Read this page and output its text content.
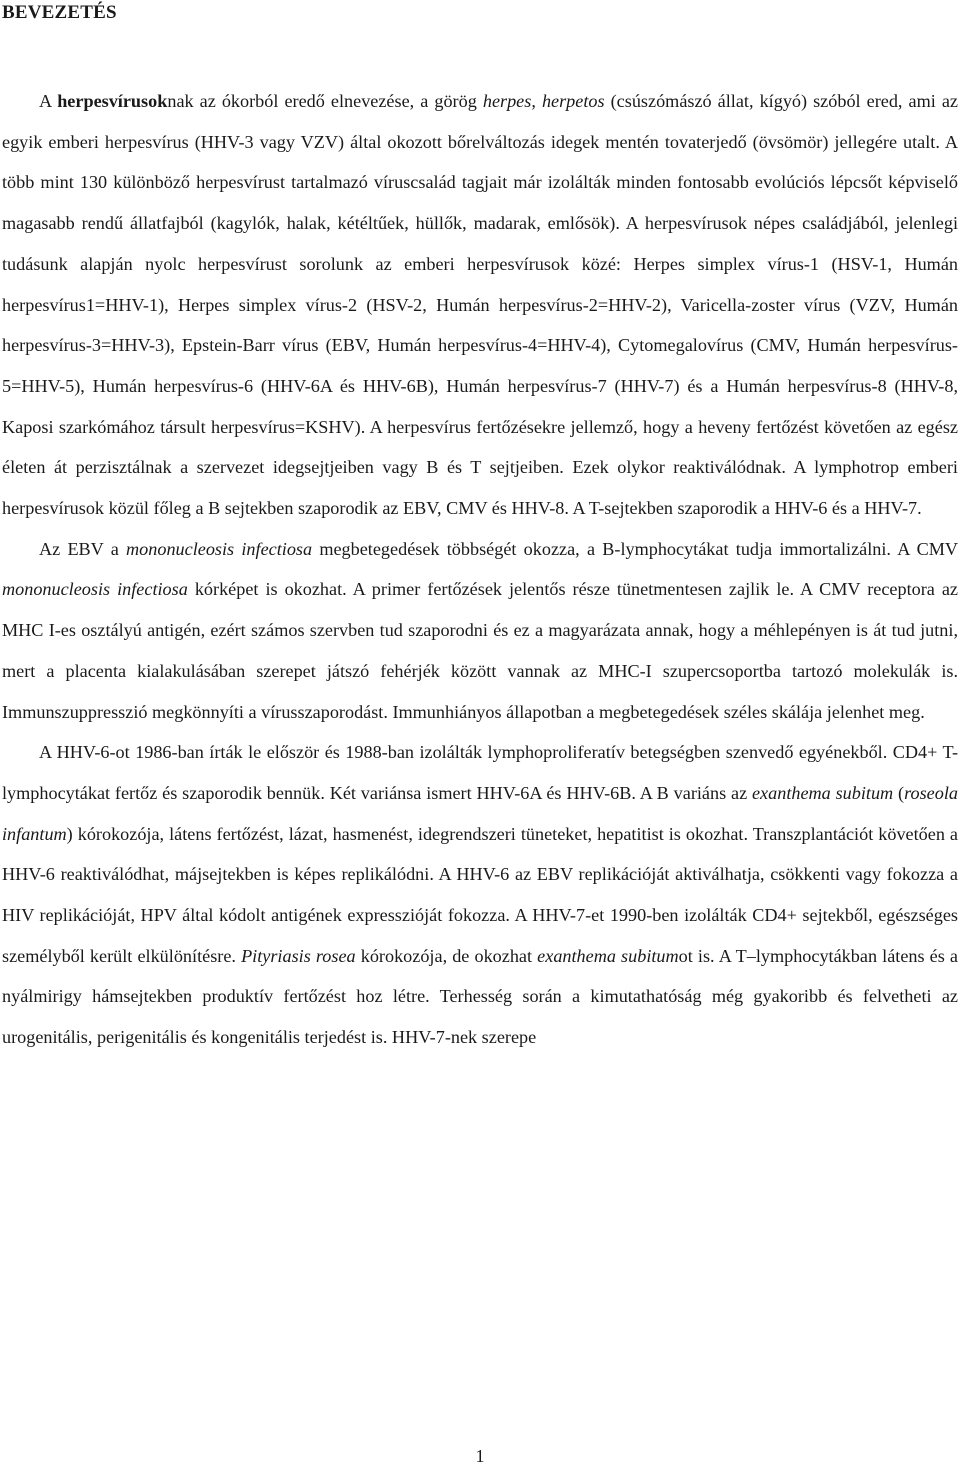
BEVEZETÉS

A herpesvírusoknak az ókorból eredő elnevezése, a görög herpes, herpetos (csúszómászó állat, kígyó) szóból ered, ami az egyik emberi herpesvírus (HHV-3 vagy VZV) által okozott bőrelváltozás idegek mentén tovaterjedő (övsömör) jellegére utalt. A több mint 130 különböző herpesvírust tartalmazó víruscsalád tagjait már izolálták minden fontosabb evolúciós lépcsőt képviselő magasabb rendű állatfajból (kagylók, halak, kétéltűek, hüllők, madarak, emlősök). A herpesvírusok népes családjából, jelenlegi tudásunk alapján nyolc herpesvírust sorolunk az emberi herpesvírusok közé: Herpes simplex vírus-1 (HSV-1, Humán herpesvírus1=HHV-1), Herpes simplex vírus-2 (HSV-2, Humán herpesvírus-2=HHV-2), Varicella-zoster vírus (VZV, Humán herpesvírus-3=HHV-3), Epstein-Barr vírus (EBV, Humán herpesvírus-4=HHV-4), Cytomegalovírus (CMV, Humán herpesvírus-5=HHV-5), Humán herpesvírus-6 (HHV-6A és HHV-6B), Humán herpesvírus-7 (HHV-7) és a Humán herpesvírus-8 (HHV-8, Kaposi szarkómához társult herpesvírus=KSHV). A herpesvírus fertőzésekre jellemző, hogy a heveny fertőzést követően az egész életen át perzisztálnak a szervezet idegsejtjeiben vagy B és T sejtjeiben. Ezek olykor reaktiválódnak. A lymphotrop emberi herpesvírusok közül főleg a B sejtekben szaporodik az EBV, CMV és HHV-8. A T-sejtekben szaporodik a HHV-6 és a HHV-7.

Az EBV a mononucleosis infectiosa megbetegedések többségét okozza, a B-lymphocytákat tudja immortalizálni. A CMV mononucleosis infectiosa kórképet is okozhat. A primer fertőzések jelentős része tünetmentesen zajlik le. A CMV receptora az MHC I-es osztályú antigén, ezért számos szervben tud szaporodni és ez a magyarázata annak, hogy a méhlepényen is át tud jutni, mert a placenta kialakulásában szerepet játszó fehérjék között vannak az MHC-I szupercsoportba tartozó molekulák is. Immunszuppresszió megkönnyíti a vírusszaporodást. Immunhiányos állapotban a megbetegedések széles skálája jelenhet meg.

A HHV-6-ot 1986-ban írták le először és 1988-ban izolálták lymphoproliferatív betegségben szenvedő egyénekből. CD4+ T-lymphocytákat fertőz és szaporodik bennük. Két variánsa ismert HHV-6A és HHV-6B. A B variáns az exanthema subitum (roseola infantum) kórokozója, látens fertőzést, lázat, hasmenést, idegrendszeri tüneteket, hepatitist is okozhat. Transzplantációt követően a HHV-6 reaktiválódhat, májsejtekben is képes replikálódni. A HHV-6 az EBV replikációját aktiválhatja, csökkenti vagy fokozza a HIV replikációját, HPV által kódolt antigének expresszióját fokozza. A HHV-7-et 1990-ben izolálták CD4+ sejtekből, egészséges személyből került elkülönítésre. Pityriasis rosea kórokozója, de okozhat exanthema subitumot is. A T–lymphocytákban látens és a nyálmirigy hámsejtekben produktív fertőzést hoz létre. Terhesség során a kimutathatóság még gyakoribb és felvetheti az urogenitális, perigenitális és kongenitális terjedést is. HHV-7-nek szerepe

1
